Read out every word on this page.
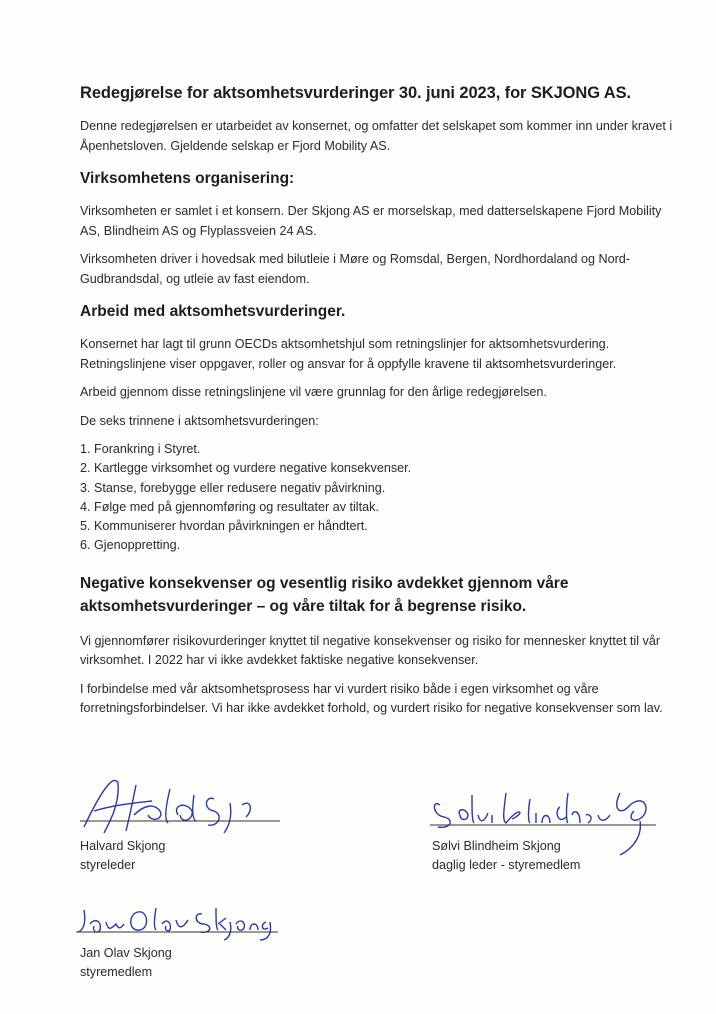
Redegjørelse for aktsomhetsvurderinger 30. juni 2023, for SKJONG AS.

Denne redegjørelsen er utarbeidet av konsernet, og omfatter det selskapet som kommer inn under kravet i Åpenhetsloven. Gjeldende selskap er Fjord Mobility AS.

Virksomhetens organisering:

Virksomheten er samlet i et konsern. Der Skjong AS er morselskap, med datterselskapene Fjord Mobility AS, Blindheim AS og Flyplassveien 24 AS.

Virksomheten driver i hovedsak med bilutleie i Møre og Romsdal, Bergen, Nordhordaland og Nord-Gudbrandsdal, og utleie av fast eiendom.

Arbeid med aktsomhetsvurderinger.

Konsernet har lagt til grunn OECDs aktsomhetshjul som retningslinjer for aktsomhetsvurdering. Retningslinjene viser oppgaver, roller og ansvar for å oppfylle kravene til aktsomhetsvurderinger.

Arbeid gjennom disse retningslinjene vil være grunnlag for den årlige redegjørelsen.

De seks trinnene i aktsomhetsvurderingen:

1. Forankring i Styret.
2. Kartlegge virksomhet og vurdere negative konsekvenser.
3. Stanse, forebygge eller redusere negativ påvirkning.
4. Følge med på gjennomføring og resultater av tiltak.
5. Kommuniserer hvordan påvirkningen er håndtert.
6. Gjenoppretting.
Negative konsekvenser og vesentlig risiko avdekket gjennom våre aktsomhetsvurderinger – og våre tiltak for å begrense risiko.

Vi gjennomfører risikovurderinger knyttet til negative konsekvenser og risiko for mennesker knyttet til vår virksomhet. I 2022 har vi ikke avdekket faktiske negative konsekvenser.

I forbindelse med vår aktsomhetsprosess har vi vurdert risiko både i egen virksomhet og våre forretningsforbindelser. Vi har ikke avdekket forhold, og vurdert risiko for negative konsekvenser som lav.

Halvard Skjong

styreleder

Sølvi Blindheim Skjong

daglig leder - styremedlem

Jan Olav Skjong

styremedlem
